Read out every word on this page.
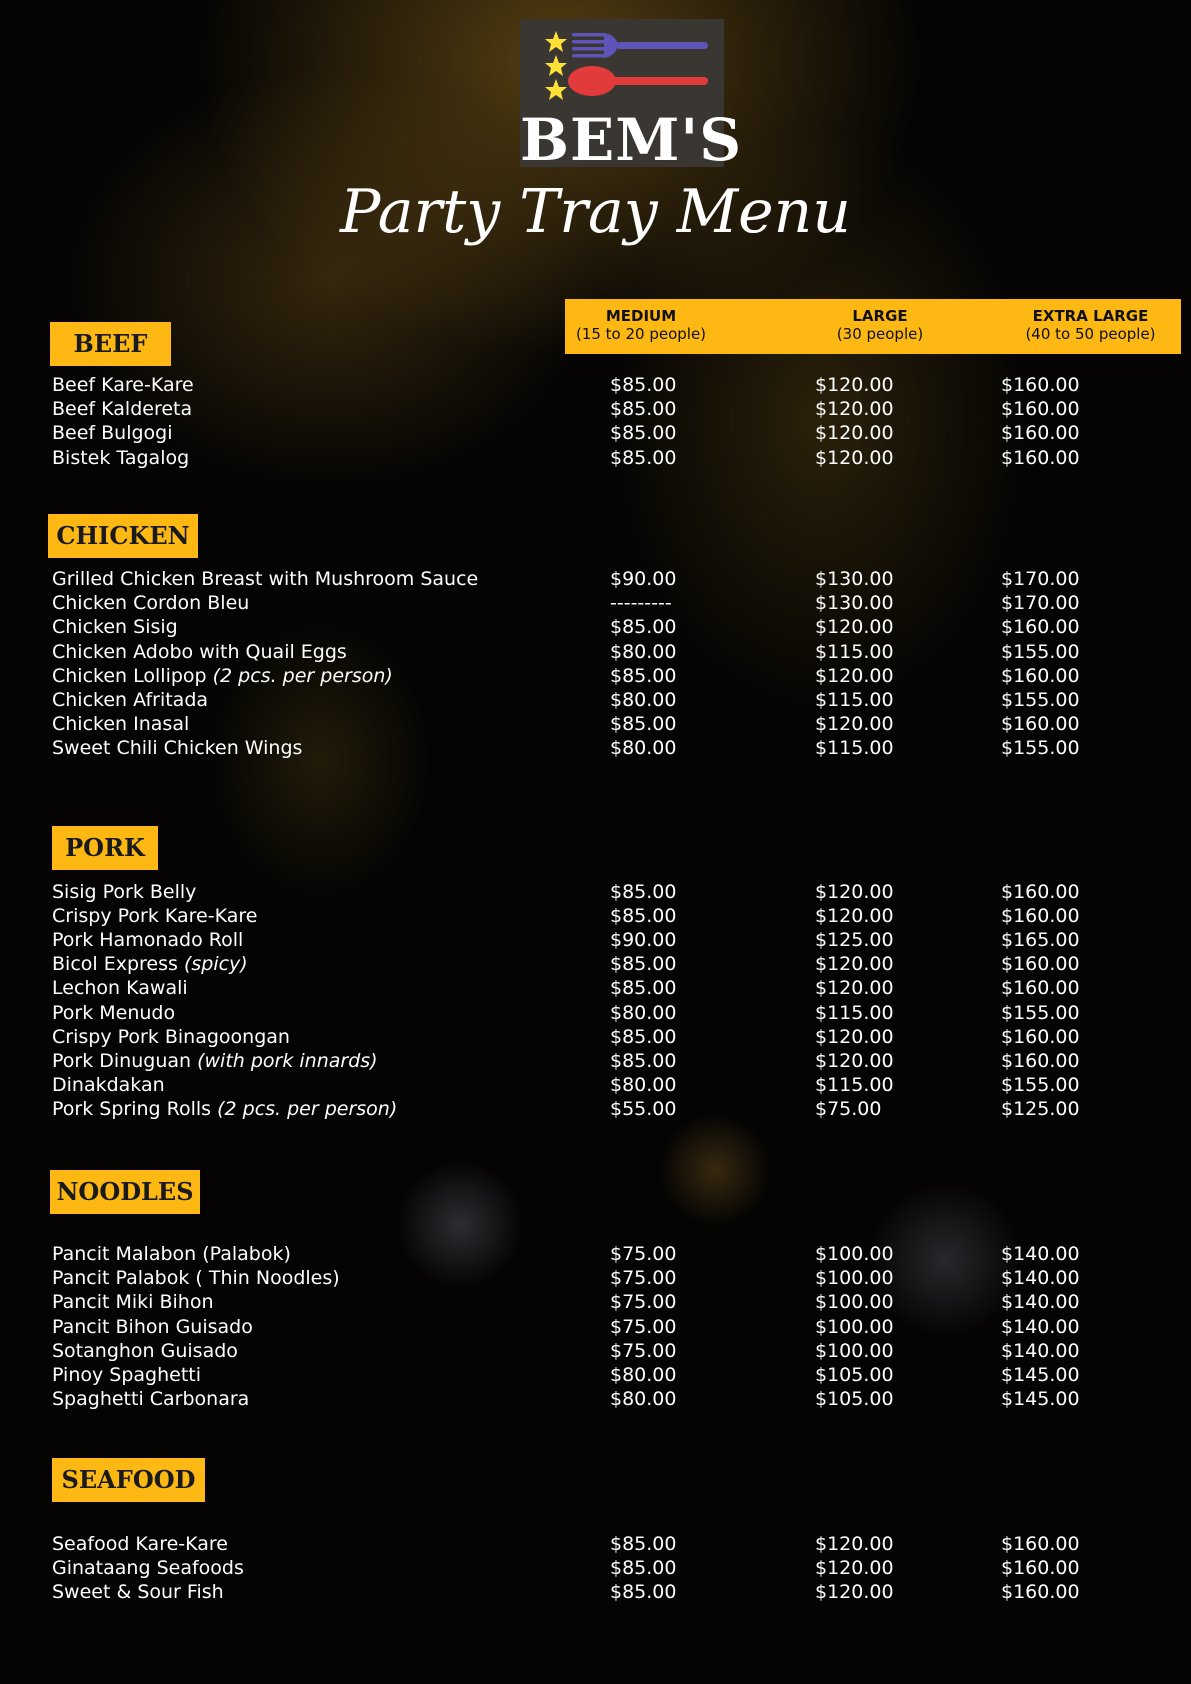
BEM'S
Party Tray Menu
MEDIUM
(15 to 20 people)
LARGE
(30 people)
EXTRA LARGE
(40 to 50 people)
BEEF
CHICKEN
PORK
NOODLES
SEAFOOD
Beef Kare-Kare	$85.00	$120.00	$160.00
Beef Kaldereta	$85.00	$120.00	$160.00
Beef Bulgogi	$85.00	$120.00	$160.00
Bistek Tagalog	$85.00	$120.00	$160.00
Grilled Chicken Breast with Mushroom Sauce	$90.00	$130.00	$170.00
Chicken Cordon Bleu	---------	$130.00	$170.00
Chicken Sisig	$85.00	$120.00	$160.00
Chicken Adobo with Quail Eggs	$80.00	$115.00	$155.00
Chicken Lollipop (2 pcs. per person)	$85.00	$120.00	$160.00
Chicken Afritada	$80.00	$115.00	$155.00
Chicken Inasal	$85.00	$120.00	$160.00
Sweet Chili Chicken Wings	$80.00	$115.00	$155.00
Sisig Pork Belly	$85.00	$120.00	$160.00
Crispy Pork Kare-Kare	$85.00	$120.00	$160.00
Pork Hamonado Roll	$90.00	$125.00	$165.00
Bicol Express (spicy)	$85.00	$120.00	$160.00
Lechon Kawali	$85.00	$120.00	$160.00
Pork Menudo	$80.00	$115.00	$155.00
Crispy Pork Binagoongan	$85.00	$120.00	$160.00
Pork Dinuguan (with pork innards)	$85.00	$120.00	$160.00
Dinakdakan	$80.00	$115.00	$155.00
Pork Spring Rolls (2 pcs. per person)	$55.00	$75.00	$125.00
Pancit Malabon (Palabok)	$75.00	$100.00	$140.00
Pancit Palabok ( Thin Noodles)	$75.00	$100.00	$140.00
Pancit Miki Bihon	$75.00	$100.00	$140.00
Pancit Bihon Guisado	$75.00	$100.00	$140.00
Sotanghon Guisado	$75.00	$100.00	$140.00
Pinoy Spaghetti	$80.00	$105.00	$145.00
Spaghetti Carbonara	$80.00	$105.00	$145.00
Seafood Kare-Kare	$85.00	$120.00	$160.00
Ginataang Seafoods	$85.00	$120.00	$160.00
Sweet & Sour Fish	$85.00	$120.00	$160.00
